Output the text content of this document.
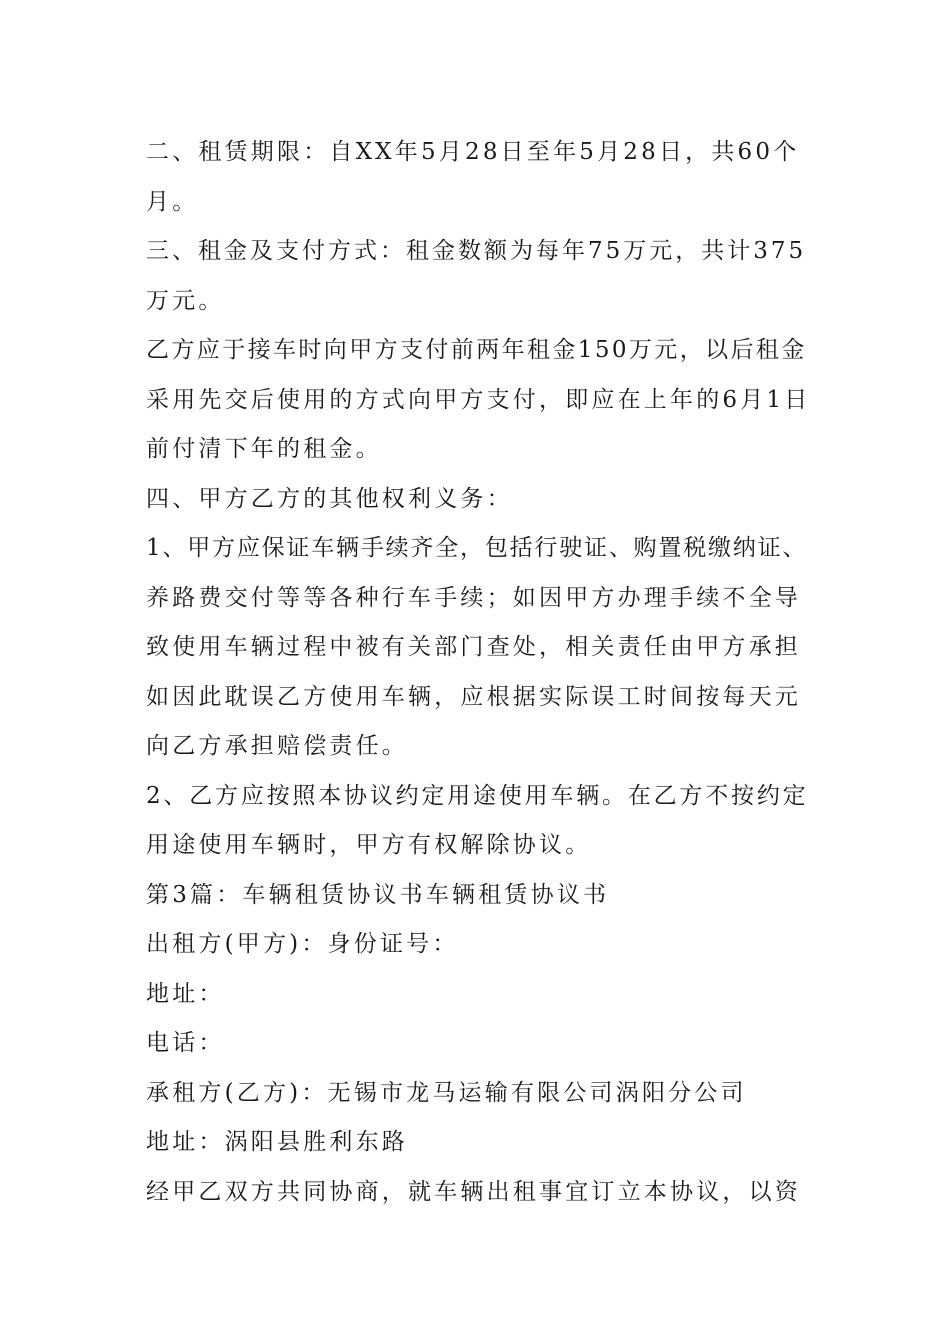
二、租赁期限：自XX年5月28日至年5月28日，共60个
月。
三、租金及支付方式：租金数额为每年75万元，共计375
万元。
乙方应于接车时向甲方支付前两年租金150万元，以后租金
采用先交后使用的方式向甲方支付，即应在上年的6月1日
前付清下年的租金。
四、甲方乙方的其他权利义务：
1、甲方应保证车辆手续齐全，包括行驶证、购置税缴纳证、
养路费交付等等各种行车手续；如因甲方办理手续不全导
致使用车辆过程中被有关部门查处，相关责任由甲方承担
如因此耽误乙方使用车辆，应根据实际误工时间按每天元
向乙方承担赔偿责任。
2、乙方应按照本协议约定用途使用车辆。在乙方不按约定
用途使用车辆时，甲方有权解除协议。
第3篇：车辆租赁协议书车辆租赁协议书
出租方(甲方)：身份证号：
地址：
电话：
承租方(乙方)：无锡市龙马运输有限公司涡阳分公司
地址：涡阳县胜利东路
经甲乙双方共同协商，就车辆出租事宜订立本协议，以资
